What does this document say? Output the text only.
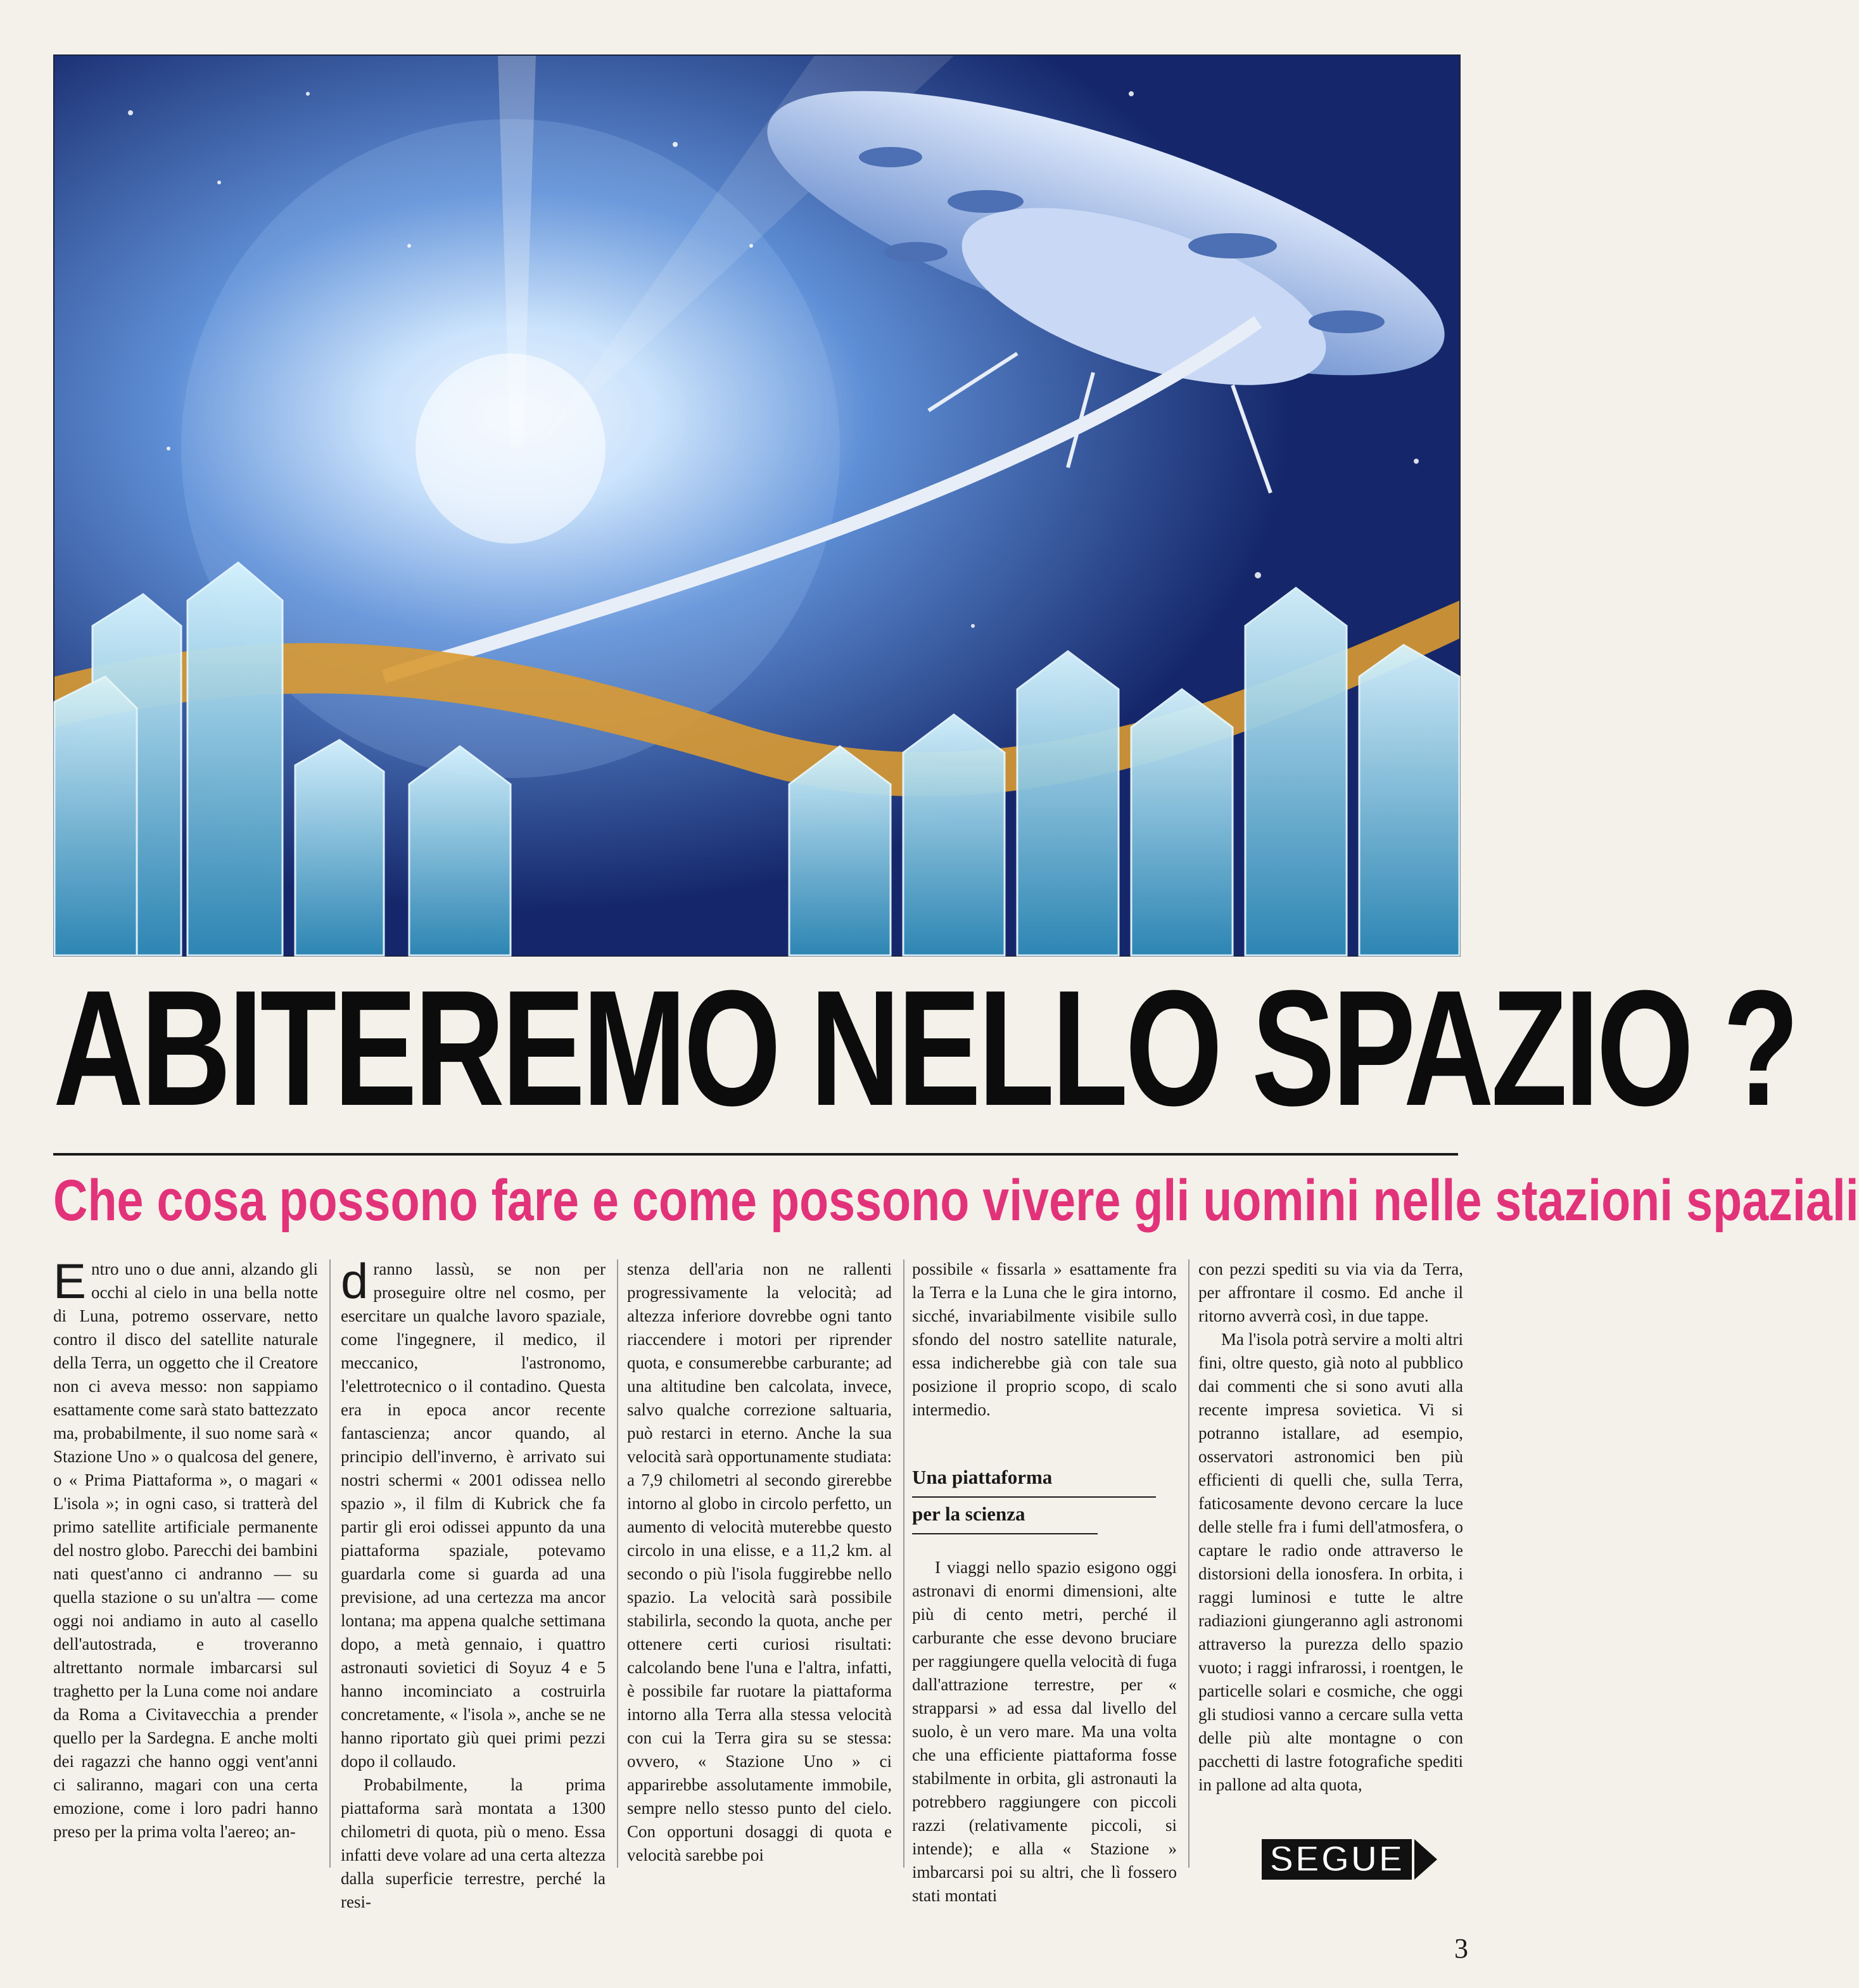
ABITEREMO NELLO SPAZIO ?
Che cosa possono fare e come possono vivere gli uomini nelle stazioni spaziali

Entro uno o due anni, alzando gli occhi al cielo in una bella notte di Luna, potremo osservare, netto contro il disco del satellite naturale della Terra, un oggetto che il Creatore non ci aveva messo: non sappiamo esattamente come sarà stato battezzato ma, probabilmente, il suo nome sarà « Stazione Uno » o qualcosa del genere, o « Prima Piattaforma », o magari « L'isola »; in ogni caso, si tratterà del primo satellite artificiale permanente del nostro globo. Parecchi dei bambini nati quest'anno ci andranno — su quella stazione o su un'altra — come oggi noi andiamo in auto al casello dell'autostrada, e troveranno altrettanto normale imbarcarsi sul traghetto per la Luna come noi andare da Roma a Civitavecchia a prender quello per la Sardegna. E anche molti dei ragazzi che hanno oggi vent'anni ci saliranno, magari con una certa emozione, come i loro padri hanno preso per la prima volta l'aereo; an-

dranno lassù, se non per proseguire oltre nel cosmo, per esercitare un qualche lavoro spaziale, come l'ingegnere, il medico, il meccanico, l'astronomo, l'elettrotecnico o il contadino. Questa era in epoca ancor recente fantascienza; ancor quando, al principio dell'inverno, è arrivato sui nostri schermi « 2001 odissea nello spazio », il film di Kubrick che fa partir gli eroi odissei appunto da una piattaforma spaziale, potevamo guardarla come si guarda ad una previsione, ad una certezza ma ancor lontana; ma appena qualche settimana dopo, a metà gennaio, i quattro astronauti sovietici di Soyuz 4 e 5 hanno incominciato a costruirla concretamente, « l'isola », anche se ne hanno riportato giù quei primi pezzi dopo il collaudo.

Probabilmente, la prima piattaforma sarà montata a 1300 chilometri di quota, più o meno. Essa infatti deve volare ad una certa altezza dalla superficie terrestre, perché la resi-

stenza dell'aria non ne rallenti progressivamente la velocità; ad altezza inferiore dovrebbe ogni tanto riaccendere i motori per riprender quota, e consumerebbe carburante; ad una altitudine ben calcolata, invece, salvo qualche correzione saltuaria, può restarci in eterno. Anche la sua velocità sarà opportunamente studiata: a 7,9 chilometri al secondo girerebbe intorno al globo in circolo perfetto, un aumento di velocità muterebbe questo circolo in una elisse, e a 11,2 km. al secondo o più l'isola fuggirebbe nello spazio. La velocità sarà possibile stabilirla, secondo la quota, anche per ottenere certi curiosi risultati: calcolando bene l'una e l'altra, infatti, è possibile far ruotare la piattaforma intorno alla Terra alla stessa velocità con cui la Terra gira su se stessa: ovvero, « Stazione Uno » ci apparirebbe assolutamente immobile, sempre nello stesso punto del cielo. Con opportuni dosaggi di quota e velocità sarebbe poi

possibile « fissarla » esattamente fra la Terra e la Luna che le gira intorno, sicché, invariabilmente visibile sullo sfondo del nostro satellite naturale, essa indicherebbe già con tale sua posizione il proprio scopo, di scalo intermedio.

Una piattaforma
per la scienza

I viaggi nello spazio esigono oggi astronavi di enormi dimensioni, alte più di cento metri, perché il carburante che esse devono bruciare per raggiungere quella velocità di fuga dall'attrazione terrestre, per « strapparsi » ad essa dal livello del suolo, è un vero mare. Ma una volta che una efficiente piattaforma fosse stabilmente in orbita, gli astronauti la potrebbero raggiungere con piccoli razzi (relativamente piccoli, si intende); e alla « Stazione » imbarcarsi poi su altri, che lì fossero stati montati

con pezzi spediti su via via da Terra, per affrontare il cosmo. Ed anche il ritorno avverrà così, in due tappe.

Ma l'isola potrà servire a molti altri fini, oltre questo, già noto al pubblico dai commenti che si sono avuti alla recente impresa sovietica. Vi si potranno istallare, ad esempio, osservatori astronomici ben più efficienti di quelli che, sulla Terra, faticosamente devono cercare la luce delle stelle fra i fumi dell'atmosfera, o captare le radio onde attraverso le distorsioni della ionosfera. In orbita, i raggi luminosi e tutte le altre radiazioni giungeranno agli astronomi attraverso la purezza dello spazio vuoto; i raggi infrarossi, i roentgen, le particelle solari e cosmiche, che oggi gli studiosi vanno a cercare sulla vetta delle più alte montagne o con pacchetti di lastre fotografiche spediti in pallone ad alta quota,

SEGUE
3
